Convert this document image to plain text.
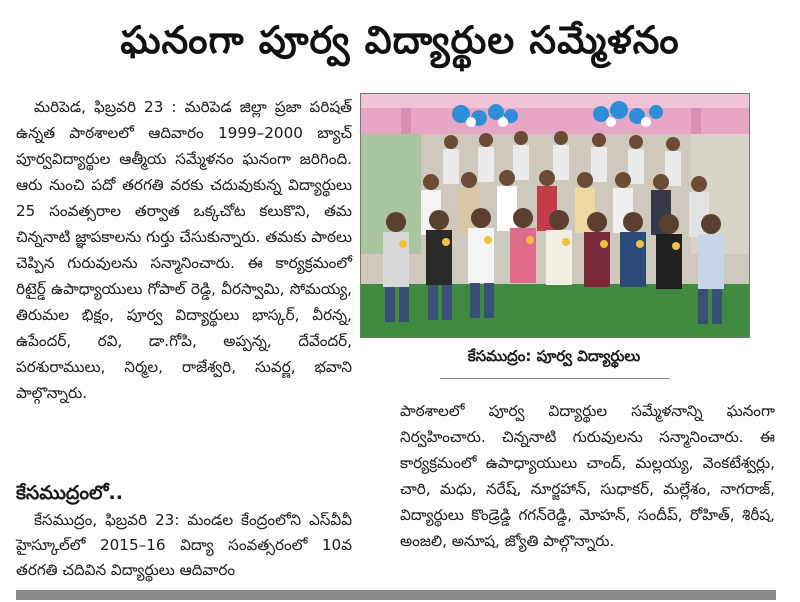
ఘనంగా పూర్వ విద్యార్థుల సమ్మేళనం

మరిపెడ, ఫిబ్రవరి 23 : మరిపెడ జిల్లా ప్రజా పరిషత్ ఉన్నత పాఠశాలలో ఆదివారం 1999–2000 బ్యాచ్ పూర్వవిద్యార్థుల ఆత్మీయ సమ్మేళనం ఘనంగా జరిగింది. ఆరు నుంచి పదో తరగతి వరకు చదువుకున్న విద్యార్థులు 25 సంవత్సరాల తర్వాత ఒక్కచోట కలుకొని, తమ చిన్ననాటి జ్ఞాపకాలను గుర్తు చేసుకున్నారు. తమకు పాఠలు చెప్పిన గురువులను సన్మానించారు. ఈ కార్యక్రమంలో రిటైర్డ్ ఉపాధ్యాయులు గోపాల్ రెడ్డి, వీరస్వామి, సోమయ్య, తిరుమల భిక్షం, పూర్వ విద్యార్థులు భాస్కర్, వీరన్న, ఉపేందర్, రవి, డా.గోపి, అప్పన్న, దేవేందర్, పరశురాములు, నిర్మల, రాజేశ్వరి, సువర్ణ, భవాని పాల్గొన్నారు.

కేసముద్రంలో..

కేసముద్రం, ఫిబ్రవరి 23: మండల కేంద్రంలోని ఎస్‌వీవీ హైస్కూల్‌లో 2015–16 విద్యా సంవత్సరంలో 10వ తరగతి చదివిన విద్యార్థులు ఆదివారం

కేసముద్రం: పూర్వ విద్యార్థులు

పాఠశాలలో పూర్వ విద్యార్థుల సమ్మేళనాన్ని ఘనంగా నిర్వహించారు. చిన్ననాటి గురువులను సన్మానించారు. ఈ కార్యక్రమంలో ఉపాధ్యాయులు చాంద్, మల్లయ్య, వెంకటేశ్వర్లు, చారి, మధు, నరేష్, నూర్జహాన్, సుధాకర్, మల్లేశం, నాగరాజ్, విద్యార్థులు కొండ్రెడ్డి గగన్‌రెడ్డి, మోహన్, సందీప్, రోహిత్, శిరీష, అంజలి, అనూష, జ్యోతి పాల్గొన్నారు.
